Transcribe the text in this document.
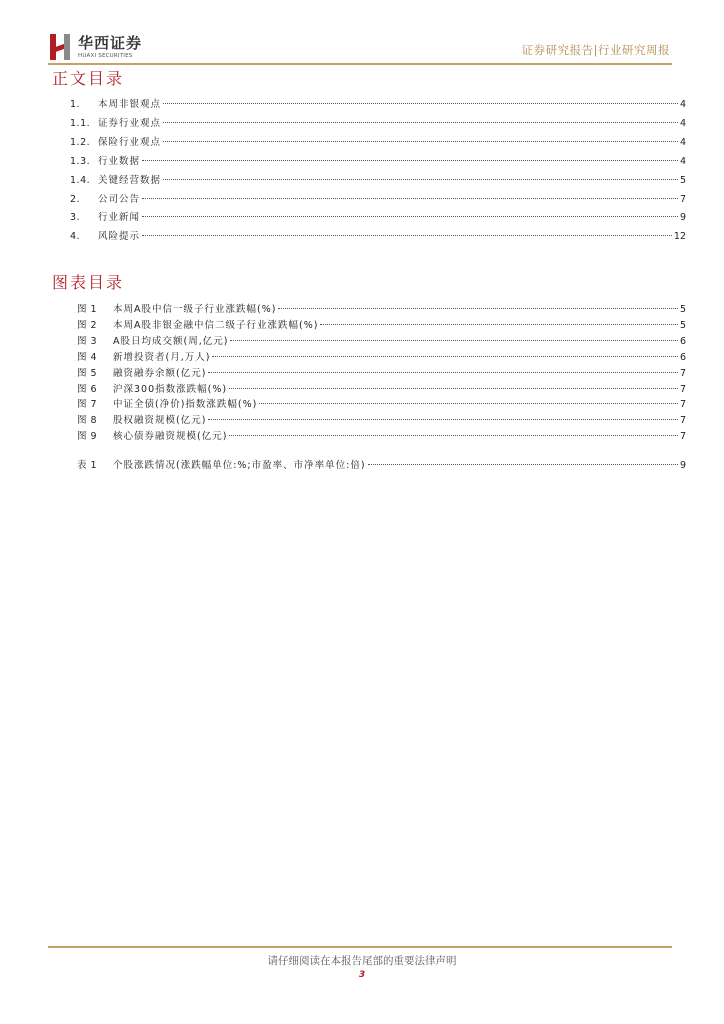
华西证券
HUAXI SECURITIES	证券研究报告|行业研究周报
正文目录
1.	本周非银观点	4
1.1. 证券行业观点	4
1.2. 保险行业观点	4
1.3. 行业数据	4
1.4. 关键经营数据	5
2.	公司公告	7
3.	行业新闻	9
4.	风险提示	12
图表目录
图 1	本周A股中信一级子行业涨跌幅(%)	5
图 2	本周A股非银金融中信二级子行业涨跌幅(%)	5
图 3	A股日均成交额(周,亿元)	6
图 4	新增投资者(月,万人)	6
图 5	融资融券余额(亿元)	7
图 6	沪深300指数涨跌幅(%)	7
图 7	中证全债(净价)指数涨跌幅(%)	7
图 8	股权融资规模(亿元)	7
图 9	核心债券融资规模(亿元)	7
表 1	个股涨跌情况(涨跌幅单位:%;市盈率、市净率单位:倍)	9
请仔细阅读在本报告尾部的重要法律声明
3
